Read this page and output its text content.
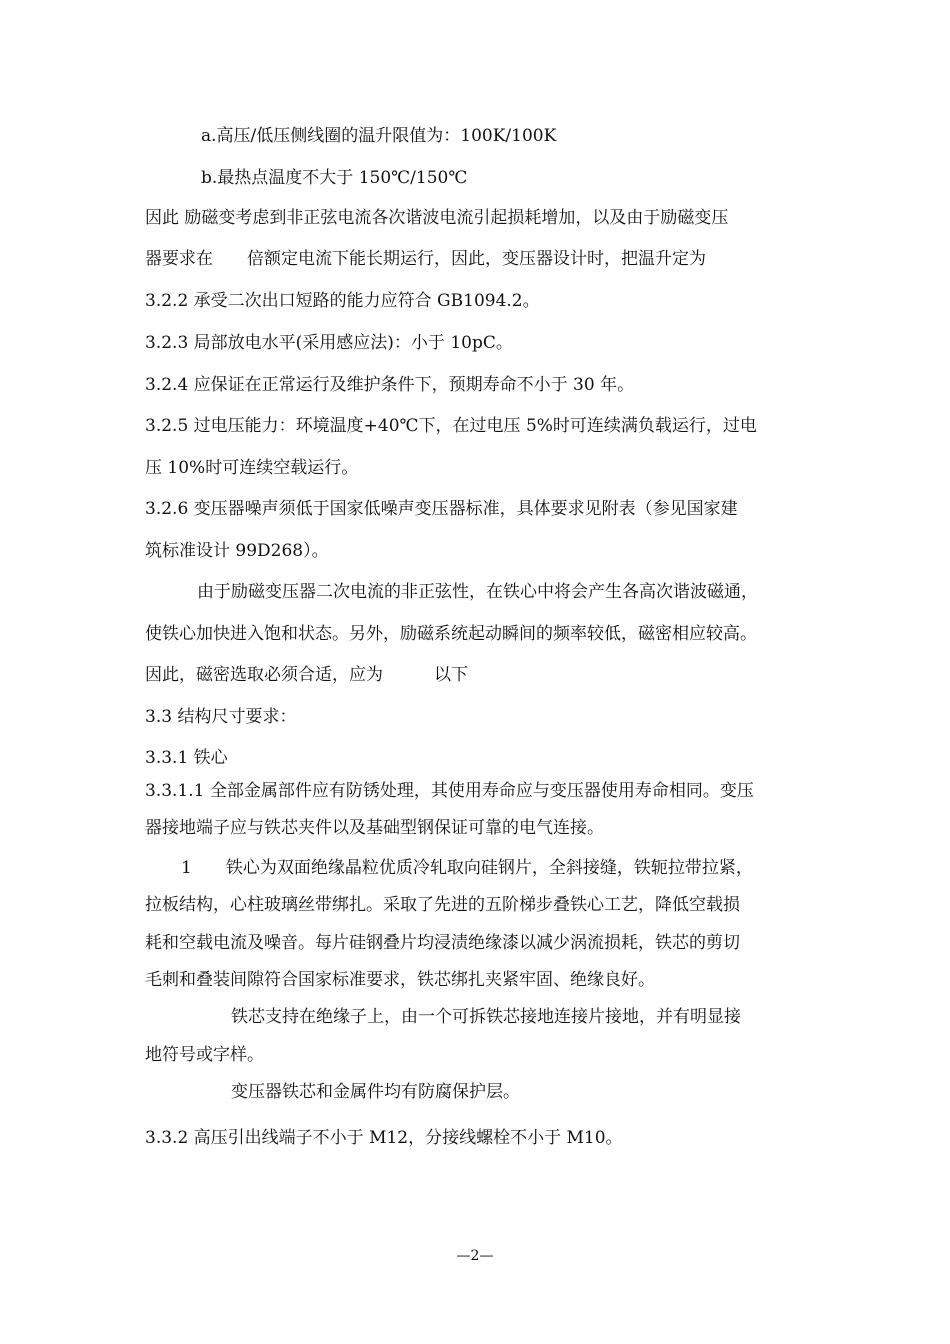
a.高压/低压侧线圈的温升限值为：100K/100K
b.最热点温度不大于 150℃/150℃
因此 励磁变考虑到非正弦电流各次谐波电流引起损耗增加，以及由于励磁变压
器要求在　　倍额定电流下能长期运行，因此，变压器设计时，把温升定为
3.2.2 承受二次出口短路的能力应符合 GB1094.2。
3.2.3 局部放电水平(采用感应法)：小于 10pC。
3.2.4 应保证在正常运行及维护条件下，预期寿命不小于 30 年。
3.2.5 过电压能力：环境温度+40℃下，在过电压 5%时可连续满负载运行，过电
压 10%时可连续空载运行。
3.2.6 变压器噪声须低于国家低噪声变压器标准，具体要求见附表（参见国家建
筑标准设计 99D268）。
由于励磁变压器二次电流的非正弦性，在铁心中将会产生各高次谐波磁通，
使铁心加快进入饱和状态。另外，励磁系统起动瞬间的频率较低，磁密相应较高。
因此，磁密选取必须合适，应为　　　以下
3.3 结构尺寸要求：
3.3.1 铁心
3.3.1.1 全部金属部件应有防锈处理，其使用寿命应与变压器使用寿命相同。变压
器接地端子应与铁芯夹件以及基础型钢保证可靠的电气连接。
1　　铁心为双面绝缘晶粒优质冷轧取向硅钢片，全斜接缝，铁轭拉带拉紧，
拉板结构，心柱玻璃丝带绑扎。采取了先进的五阶梯步叠铁心工艺，降低空载损
耗和空载电流及噪音。每片硅钢叠片均浸渍绝缘漆以减少涡流损耗，铁芯的剪切
毛刺和叠装间隙符合国家标准要求，铁芯绑扎夹紧牢固、绝缘良好。
铁芯支持在绝缘子上，由一个可拆铁芯接地连接片接地，并有明显接
地符号或字样。
变压器铁芯和金属件均有防腐保护层。
3.3.2 高压引出线端子不小于 M12，分接线螺栓不小于 M10。
—2—
